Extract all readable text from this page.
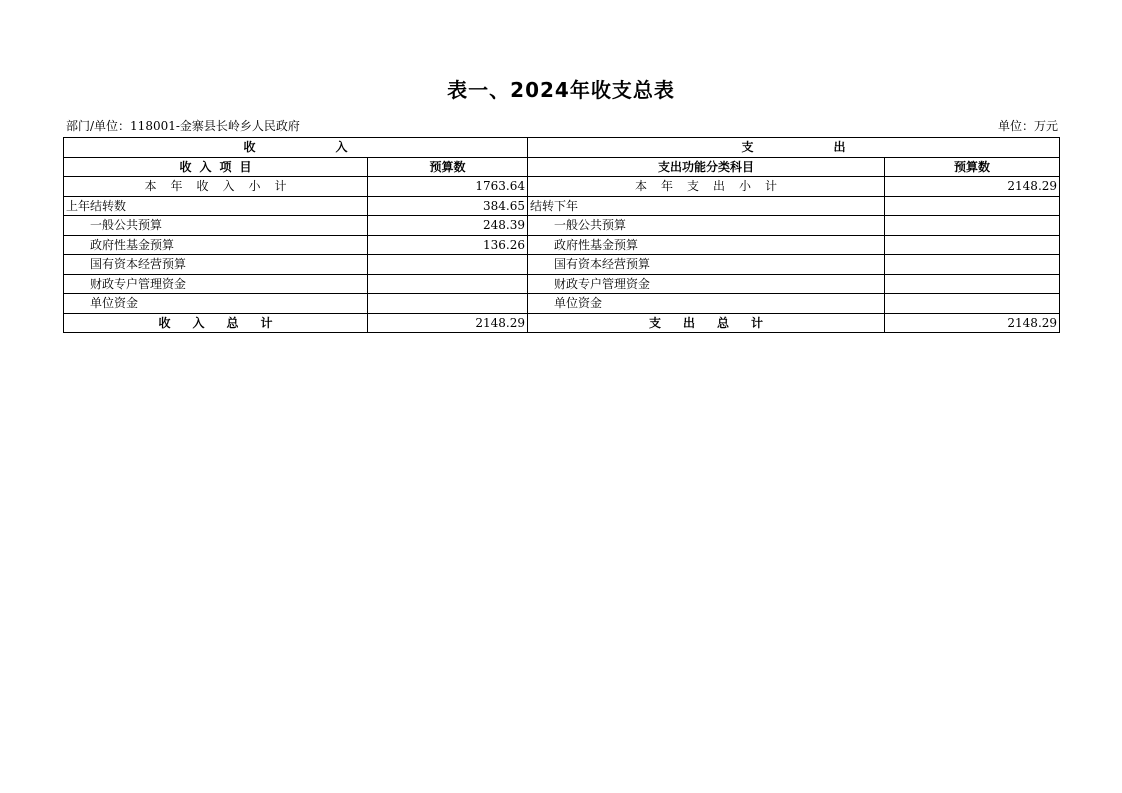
表一、2024年收支总表
部门/单位：118001-金寨县长岭乡人民政府	单位：万元
收入		支出	
收入项目	预算数	支出功能分类科目	预算数
本年收入小计	1763.64	本年支出小计	2148.29
上年结转数	384.65	结转下年	
一般公共预算	248.39	一般公共预算	
政府性基金预算	136.26	政府性基金预算	
国有资本经营预算		国有资本经营预算	
财政专户管理资金		财政专户管理资金	
单位资金		单位资金	
收入总计	2148.29	支出总计	2148.29
